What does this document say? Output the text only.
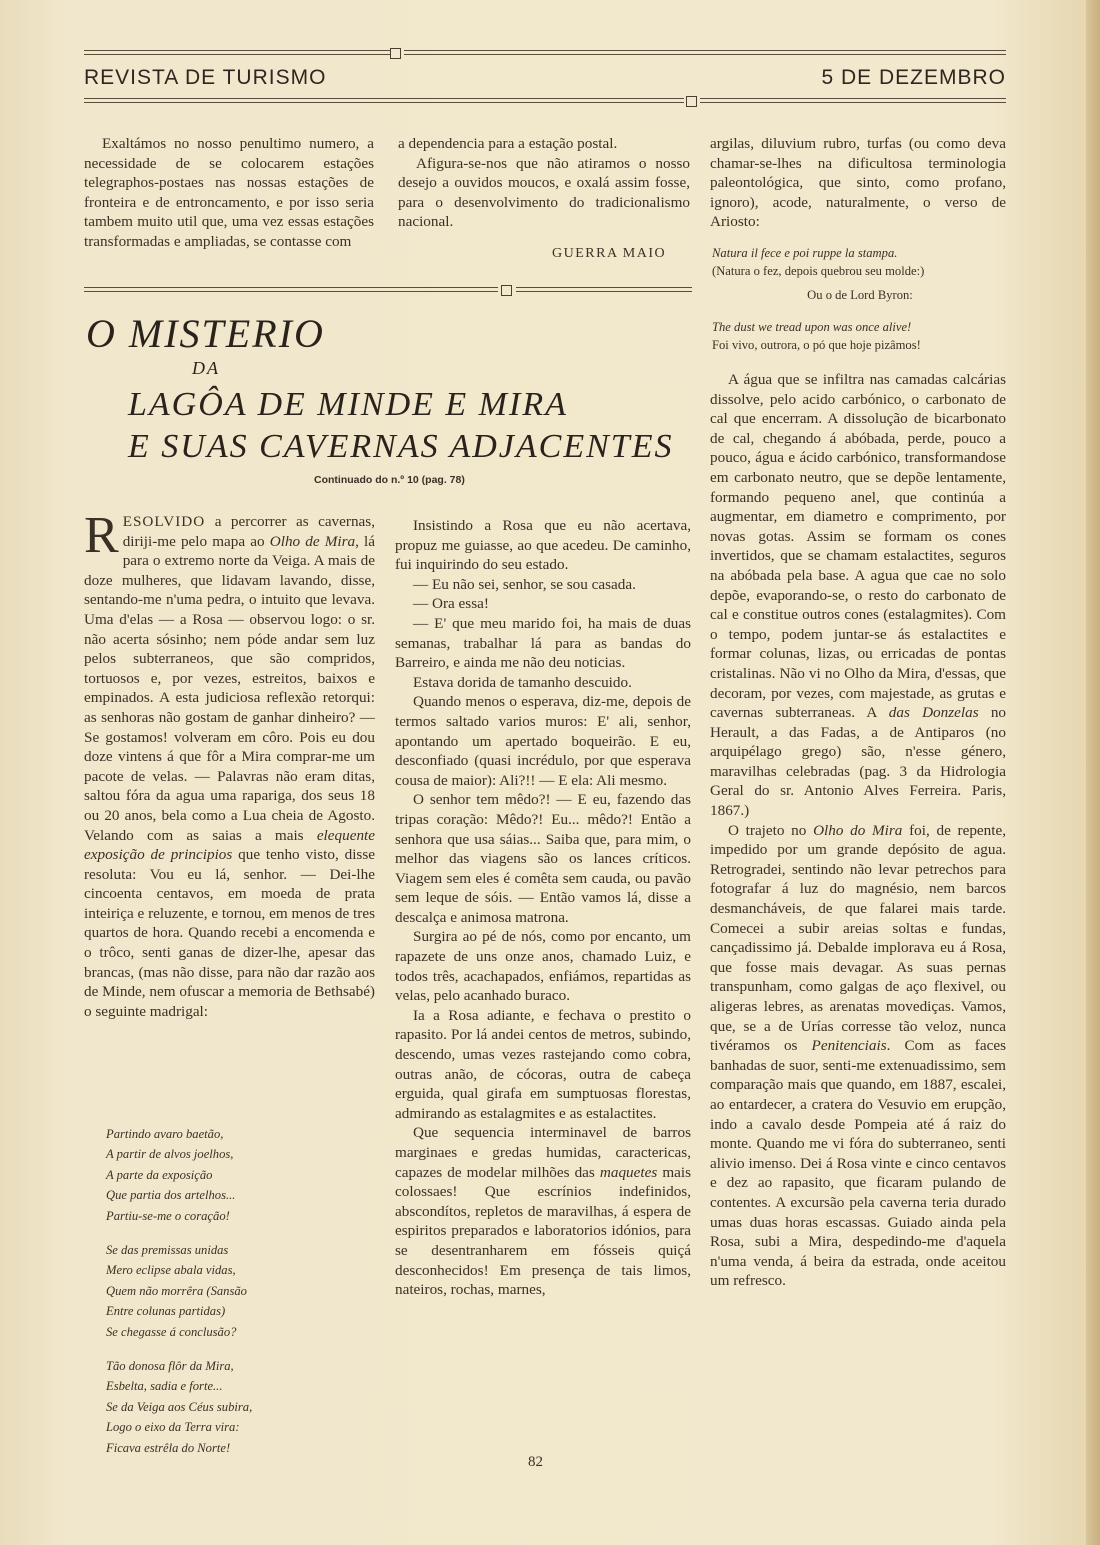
REVISTA DE TURISMO	5 DE DEZEMBRO

Exaltámos no nosso penultimo numero, a necessidade de se colocarem estações telegraphos-postaes nas nossas estações de fronteira e de entroncamento, e por isso seria tambem muito util que, uma vez essas estações transformadas e ampliadas, se contasse com

a dependencia para a estação postal.

Afigura-se-nos que não atiramos o nosso desejo a ouvidos moucos, e oxalá assim fosse, para o desenvolvimento do tradicionalismo nacional.

GUERRA MAIO
O MISTERIO
DA
LAGÔA DE MINDE E MIRA
E SUAS CAVERNAS ADJACENTES
Continuado do n.º 10 (pag. 78)

RESOLVIDO a percorrer as cavernas, diriji-me pelo mapa ao Olho de Mira, lá para o extremo norte da Veiga. A mais de doze mulheres, que lidavam lavando, disse, sentando-me n'uma pedra, o intuito que levava. Uma d'elas — a Rosa — observou logo: o sr. não acerta sósinho; nem póde andar sem luz pelos subterraneos, que são compridos, tortuosos e, por vezes, estreitos, baixos e empinados. A esta judiciosa reflexão retorqui: as senhoras não gostam de ganhar dinheiro? — Se gostamos! volveram em côro. Pois eu dou doze vintens á que fôr a Mira comprar-me um pacote de velas. — Palavras não eram ditas, saltou fóra da agua uma rapariga, dos seus 18 ou 20 anos, bela como a Lua cheia de Agosto. Velando com as saias a mais elequente exposição de principios que tenho visto, disse resoluta: Vou eu lá, senhor. — Dei-lhe cincoenta centavos, em moeda de prata inteiriça e reluzente, e tornou, em menos de tres quartos de hora. Quando recebi a encomenda e o trôco, senti ganas de dizer-lhe, apesar das brancas, (mas não disse, para não dar razão aos de Minde, nem ofuscar a memoria de Bethsabé) o seguinte madrigal:

Partindo avaro baetão,
A partir de alvos joelhos,
A parte da exposição
Que partia dos artelhos...
Partiu-se-me o coração!
Se das premissas unidas
Mero eclipse abala vidas,
Quem não morrêra (Sansão
Entre colunas partidas)
Se chegasse á conclusão?
Tão donosa flôr da Mira,
Esbelta, sadia e forte...
Se da Veiga aos Céus subira,
Logo o eixo da Terra vira:
Ficava estrêla do Norte!

Insistindo a Rosa que eu não acertava, propuz me guiasse, ao que acedeu. De caminho, fui inquirindo do seu estado.

— Eu não sei, senhor, se sou casada.

— Ora essa!

— E' que meu marido foi, ha mais de duas semanas, trabalhar lá para as bandas do Barreiro, e ainda me não deu noticias.

Estava dorida de tamanho descuido.

Quando menos o esperava, diz-me, depois de termos saltado varios muros: E' ali, senhor, apontando um apertado boqueirão. E eu, desconfiado (quasi incrédulo, por que esperava cousa de maior): Ali?!! — E ela: Ali mesmo.

O senhor tem mêdo?! — E eu, fazendo das tripas coração: Mêdo?! Eu... mêdo?! Então a senhora que usa sáias... Saiba que, para mim, o melhor das viagens são os lances críticos. Viagem sem eles é comêta sem cauda, ou pavão sem leque de sóis. — Então vamos lá, disse a descalça e animosa matrona.

Surgira ao pé de nós, como por encanto, um rapazete de uns onze anos, chamado Luiz, e todos três, acachapados, enfiámos, repartidas as velas, pelo acanhado buraco.

Ia a Rosa adiante, e fechava o prestito o rapasito. Por lá andei centos de metros, subindo, descendo, umas vezes rastejando como cobra, outras anão, de cócoras, outra de cabeça erguida, qual girafa em sumptuosas florestas, admirando as estalagmites e as estalactites.

Que sequencia interminavel de barros marginaes e gredas humidas, caractericas, capazes de modelar milhões das maquetes mais colossaes! Que escrínios indefinidos, abscondítos, repletos de maravilhas, á espera de espiritos preparados e laboratorios idónios, para se desentranharem em fósseis quiçá desconhecidos! Em presença de tais limos, nateiros, rochas, marnes,

argilas, diluvium rubro, turfas (ou como deva chamar-se-lhes na dificultosa terminologia paleontológica, que sinto, como profano, ignoro), acode, naturalmente, o verso de Ariosto:

Natura il fece e poi ruppe la stampa.
(Natura o fez, depois quebrou seu molde:)
Ou o de Lord Byron:
The dust we tread upon was once alive!
Foi vivo, outrora, o pó que hoje pizâmos!

A água que se infiltra nas camadas calcárias dissolve, pelo acido carbónico, o carbonato de cal que encerram. A dissolução de bicarbonato de cal, chegando á abóbada, perde, pouco a pouco, água e ácido carbónico, transformandose em carbonato neutro, que se depõe lentamente, formando pequeno anel, que continúa a augmentar, em diametro e comprimento, por novas gotas. Assim se formam os cones invertidos, que se chamam estalactites, seguros na abóbada pela base. A agua que cae no solo depõe, evaporando-se, o resto do carbonato de cal e constitue outros cones (estalagmites). Com o tempo, podem juntar-se ás estalactites e formar colunas, lizas, ou erricadas de pontas cristalinas. Não vi no Olho da Mira, d'essas, que decoram, por vezes, com majestade, as grutas e cavernas subterraneas. A das Donzelas no Herault, a das Fadas, a de Antiparos (no arquipélago grego) são, n'esse género, maravilhas celebradas (pag. 3 da Hidrologia Geral do sr. Antonio Alves Ferreira. Paris, 1867.)

O trajeto no Olho do Mira foi, de repente, impedido por um grande depósito de agua. Retrogradei, sentindo não levar petrechos para fotografar á luz do magnésio, nem barcos desmancháveis, de que falarei mais tarde. Comecei a subir areias soltas e fundas, cançadissimo já. Debalde implorava eu á Rosa, que fosse mais devagar. As suas pernas transpunham, como galgas de aço flexivel, ou aligeras lebres, as arenatas movediças. Vamos, que, se a de Urías corresse tão veloz, nunca tivéramos os Penitenciais. Com as faces banhadas de suor, senti-me extenuadissimo, sem comparação mais que quando, em 1887, escalei, ao entardecer, a cratera do Vesuvio em erupção, indo a cavalo desde Pompeia até á raiz do monte. Quando me vi fóra do subterraneo, senti alivio imenso. Dei á Rosa vinte e cinco centavos e dez ao rapasito, que ficaram pulando de contentes. A excursão pela caverna teria durado umas duas horas escassas. Guiado ainda pela Rosa, subi a Mira, despedindo-me d'aquela n'uma venda, á beira da estrada, onde aceitou um refresco.

82
